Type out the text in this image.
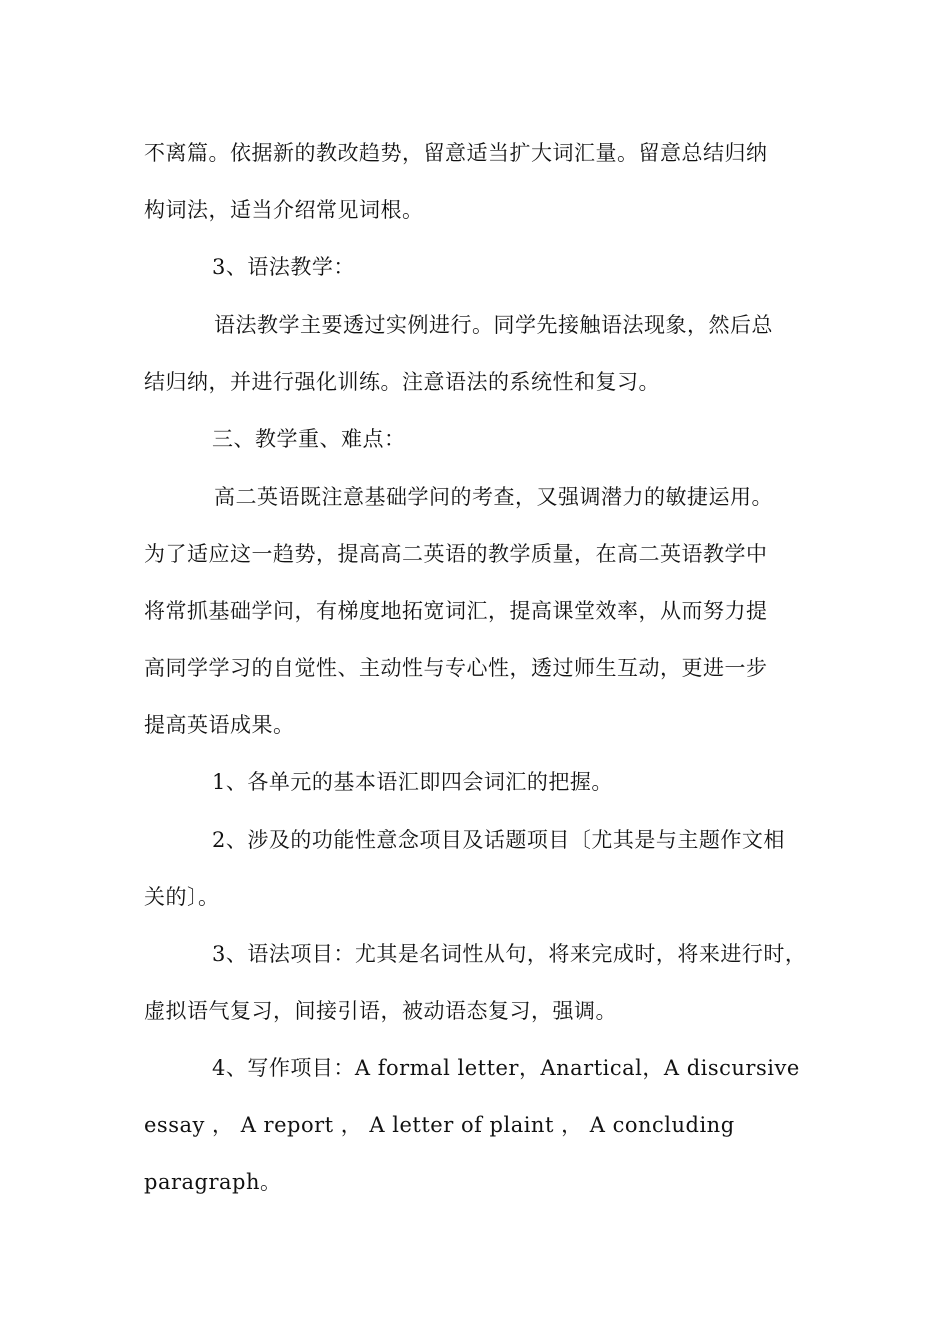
不离篇。依据新的教改趋势，留意适当扩大词汇量。留意总结归纳
构词法，适当介绍常见词根。
3、语法教学：
语法教学主要透过实例进行。同学先接触语法现象，然后总
结归纳，并进行强化训练。注意语法的系统性和复习。
三、教学重、难点：
高二英语既注意基础学问的考查，又强调潜力的敏捷运用。
为了适应这一趋势，提高高二英语的教学质量，在高二英语教学中
将常抓基础学问，有梯度地拓宽词汇，提高课堂效率，从而努力提
高同学学习的自觉性、主动性与专心性，透过师生互动，更进一步
提高英语成果。
1、各单元的基本语汇即四会词汇的把握。
2、涉及的功能性意念项目及话题项目〔尤其是与主题作文相
关的〕。
3、语法项目：尤其是名词性从句，将来完成时，将来进行时，
虚拟语气复习，间接引语，被动语态复习，强调。
4、写作项目：A formal letter，Anartical，A discursive
essay ， A report ， A letter of plaint ， A concluding
paragraph。
